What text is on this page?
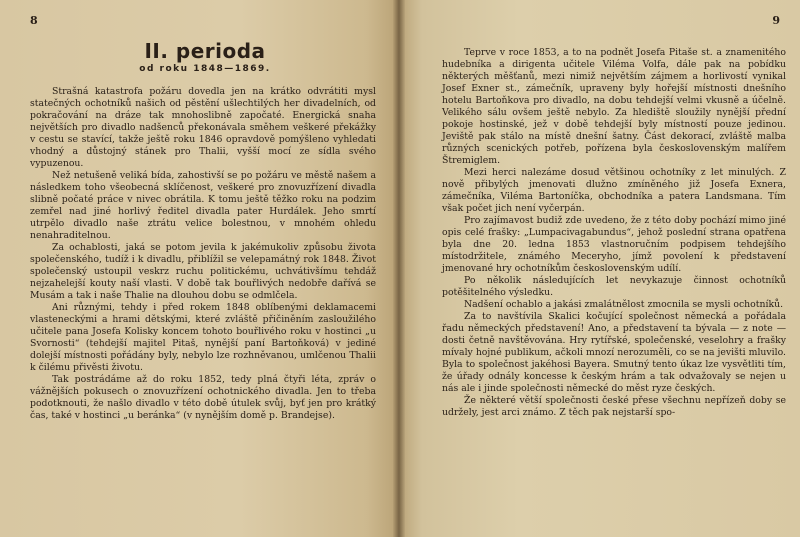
8
II. perioda
od roku 1848—1869.

Strašná katastrofa požáru dovedla jen na krátko odvrátiti mysl statečných ochotníků našich od pěstění ušlechtilých her divadelních, od pokračování na dráze tak mnohoslibně započaté. Energická snaha největších pro divadlo nadšenců překonávala směhem veškeré překážky v cestu se stavící, takže ještě roku 1846 opravdově pomýšleno vyhledati vhodný a důstojný stánek pro Thalii, vyšší mocí ze sídla svého vypuzenou.

Než netušeně veliká bída, zahostivší se po požáru ve městě našem a následkem toho všeobecná sklíčenost, veškeré pro znovuzřízení divadla slibně počaté práce v nivec obrátila. K tomu ještě těžko roku na podzim zemřel nad jiné horlivý ředitel divadla pater Hurdálek. Jeho smrtí utrpělo divadlo naše ztrátu velice bolestnou, v mnohém ohledu nenahraditelnou.

Za ochablosti, jaká se potom jevila k jakémukoliv způsobu života společenského, tudíž i k divadlu, přiblížil se velepamátný rok 1848. Život společenský ustoupil veskrz ruchu politickému, uchvátivšímu tehdáž nejzahelejší kouty naší vlasti. V době tak bouřlivých nedobře dařívá se Musám a tak i naše Thalie na dlouhou dobu se odmlčela.

Ani různými, tehdy i před rokem 1848 oblíbenými deklamacemi vlasteneckými a hrami dětskými, které zvláště přičiněním zasloužilého učitele pana Josefa Kolisky koncem tohoto bouřlivého roku v hostinci „u Svornosti“ (tehdejší majitel Pitaš, nynější paní Bartoňková) v jediné dolejší místnosti pořádány byly, nebylo lze rozhněvanou, umlčenou Thalii k čilému přivěsti životu.

Tak postrádáme až do roku 1852, tedy plná čtyři léta, zpráv o vážnějších pokusech o znovuzřízení ochotnického divadla. Jen to třeba podotknouti, že našlo divadlo v této době útulek svůj, byť jen pro krátký čas, také v hostinci „u beránka“ (v nynějším domě p. Brandejse).

9

Teprve v roce 1853, a to na podnět Josefa Pitaše st. a znamenitého hudebníka a dirigenta učitele Viléma Volfa, dále pak na pobídku některých měšťanů, mezi nimiž největším zájmem a horlivostí vynikal Josef Exner st., zámečník, upraveny byly hořejší místnosti dnešního hotelu Bartoňkova pro divadlo, na dobu tehdejší velmi vkusně a účelně. Velikého sálu ovšem ještě nebylo. Za hlediště sloužily nynější přední pokoje hostinské, jež v době tehdejší byly místností pouze jedinou. Jeviště pak stálo na místě dnešní šatny. Část dekorací, zvláště malba různých scenických potřeb, pořízena byla československým malířem Štremiglem.

Mezi herci nalezáme dosud většinou ochotníky z let minulých. Z nově přibylých jmenovati dlužno zmíněného již Josefa Exnera, zámečníka, Viléma Bartoníčka, obchodníka a patera Landsmana. Tím však počet jich není vyčerpán.

Pro zajímavost budiž zde uvedeno, že z této doby pochází mimo jiné opis celé frašky: „Lumpacivagabundus“, jehož poslední strana opatřena byla dne 20. ledna 1853 vlastnoručním podpisem tehdejšího místodržitele, známého Meceryho, jímž povolení k představení jmenované hry ochotníkům československým udílí.

Po několik následujících let nevykazuje činnost ochotníků potěšitelného výsledku.

Nadšení ochablo a jakási zmalátnělost zmocnila se mysli ochotníků.

Za to navštívila Skalici kočující společnost německá a pořádala řadu německých představení! Ano, a představení ta bývala — z note — dosti četně navštěvována. Hry rytířské, společenské, veselohry a frašky mívaly hojné publikum, ačkoli mnozí nerozuměli, co se na jevišti mluvilo. Byla to společnost jakéhosi Bayera. Smutný tento úkaz lze vysvětliti tím, že úřady odnály koncesse k českým hrám a tak odvažovaly se nejen u nás ale i jinde společnosti německé do měst ryze českých.

Že některé větší společnosti české přese všechnu nepřízeň doby se udržely, jest arci známo. Z těch pak nejstarší spo-
